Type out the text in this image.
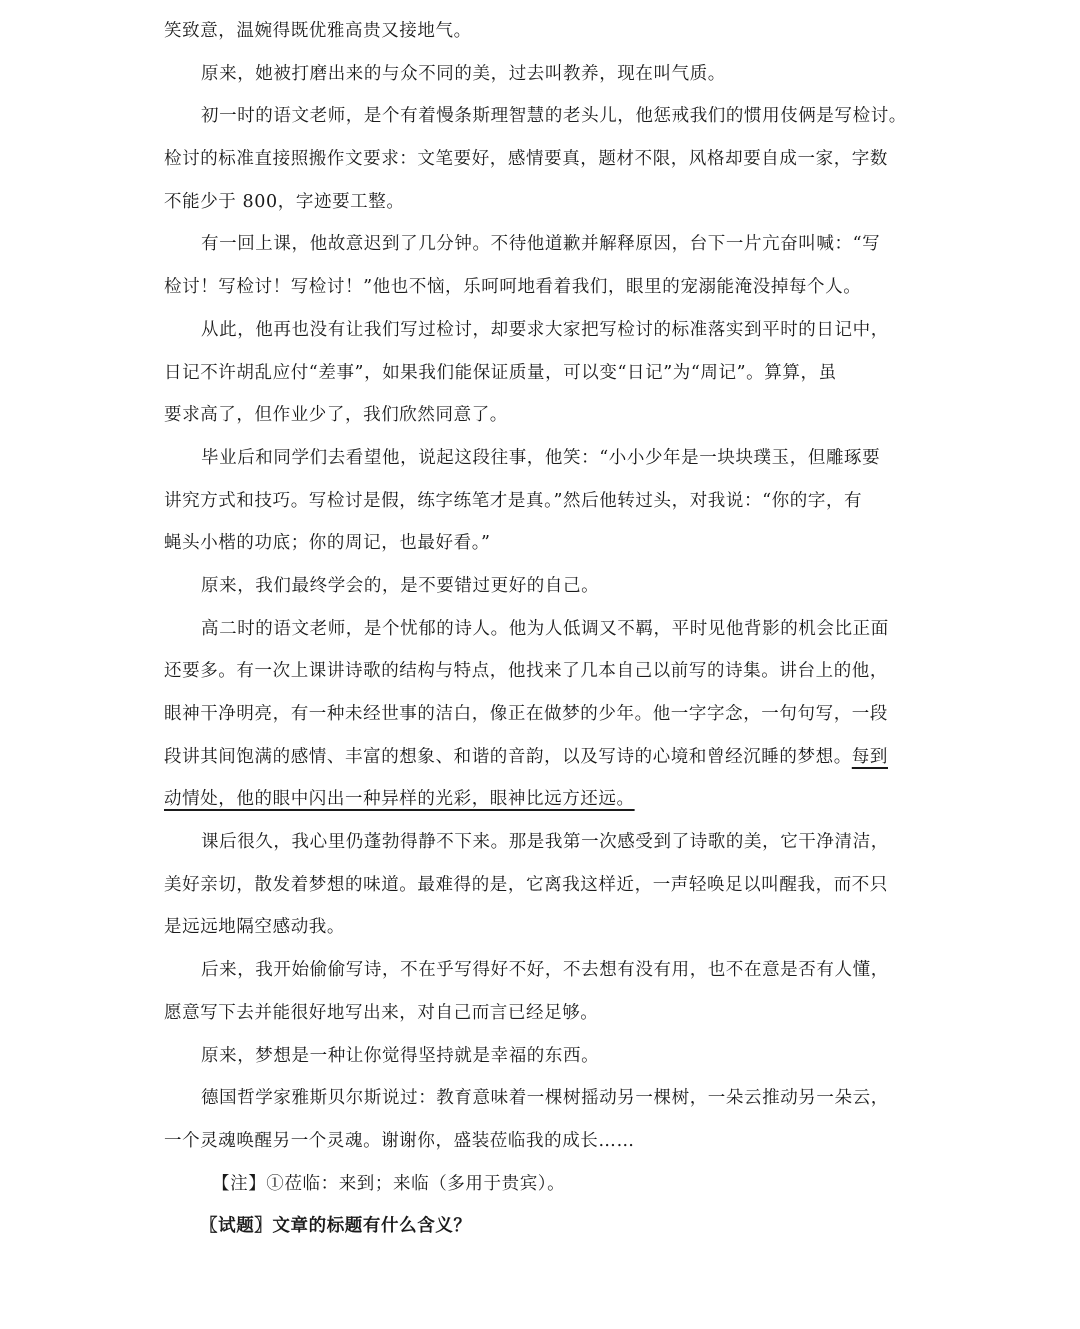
笑致意，温婉得既优雅高贵又接地气。
原来，她被打磨出来的与众不同的美，过去叫教养，现在叫气质。
初一时的语文老师，是个有着慢条斯理智慧的老头儿，他惩戒我们的惯用伎俩是写检讨。
检讨的标准直接照搬作文要求：文笔要好，感情要真，题材不限，风格却要自成一家，字数
不能少于 800，字迹要工整。
有一回上课，他故意迟到了几分钟。不待他道歉并解释原因，台下一片亢奋叫喊：“写
检讨！写检讨！写检讨！”他也不恼，乐呵呵地看着我们，眼里的宠溺能淹没掉每个人。
从此，他再也没有让我们写过检讨，却要求大家把写检讨的标准落实到平时的日记中，
日记不许胡乱应付“差事”，如果我们能保证质量，可以变“日记”为“周记”。算算，虽
要求高了，但作业少了，我们欣然同意了。
毕业后和同学们去看望他，说起这段往事，他笑：“小小少年是一块块璞玉，但雕琢要
讲究方式和技巧。写检讨是假，练字练笔才是真。”然后他转过头，对我说：“你的字，有
蝇头小楷的功底；你的周记，也最好看。”
原来，我们最终学会的，是不要错过更好的自己。
高二时的语文老师，是个忧郁的诗人。他为人低调又不羁，平时见他背影的机会比正面
还要多。有一次上课讲诗歌的结构与特点，他找来了几本自己以前写的诗集。讲台上的他，
眼神干净明亮，有一种未经世事的洁白，像正在做梦的少年。他一字字念，一句句写，一段
段讲其间饱满的感情、丰富的想象、和谐的音韵，以及写诗的心境和曾经沉睡的梦想。每到
动情处，他的眼中闪出一种异样的光彩，眼神比远方还远。
课后很久，我心里仍蓬勃得静不下来。那是我第一次感受到了诗歌的美，它干净清洁，
美好亲切，散发着梦想的味道。最难得的是，它离我这样近，一声轻唤足以叫醒我，而不只
是远远地隔空感动我。
后来，我开始偷偷写诗，不在乎写得好不好，不去想有没有用，也不在意是否有人懂，
愿意写下去并能很好地写出来，对自己而言已经足够。
原来，梦想是一种让你觉得坚持就是幸福的东西。
德国哲学家雅斯贝尔斯说过：教育意味着一棵树摇动另一棵树，一朵云推动另一朵云，
一个灵魂唤醒另一个灵魂。谢谢你，盛装莅临我的成长……
【注】①莅临：来到；来临（多用于贵宾）。
〖试题〗文章的标题有什么含义？
